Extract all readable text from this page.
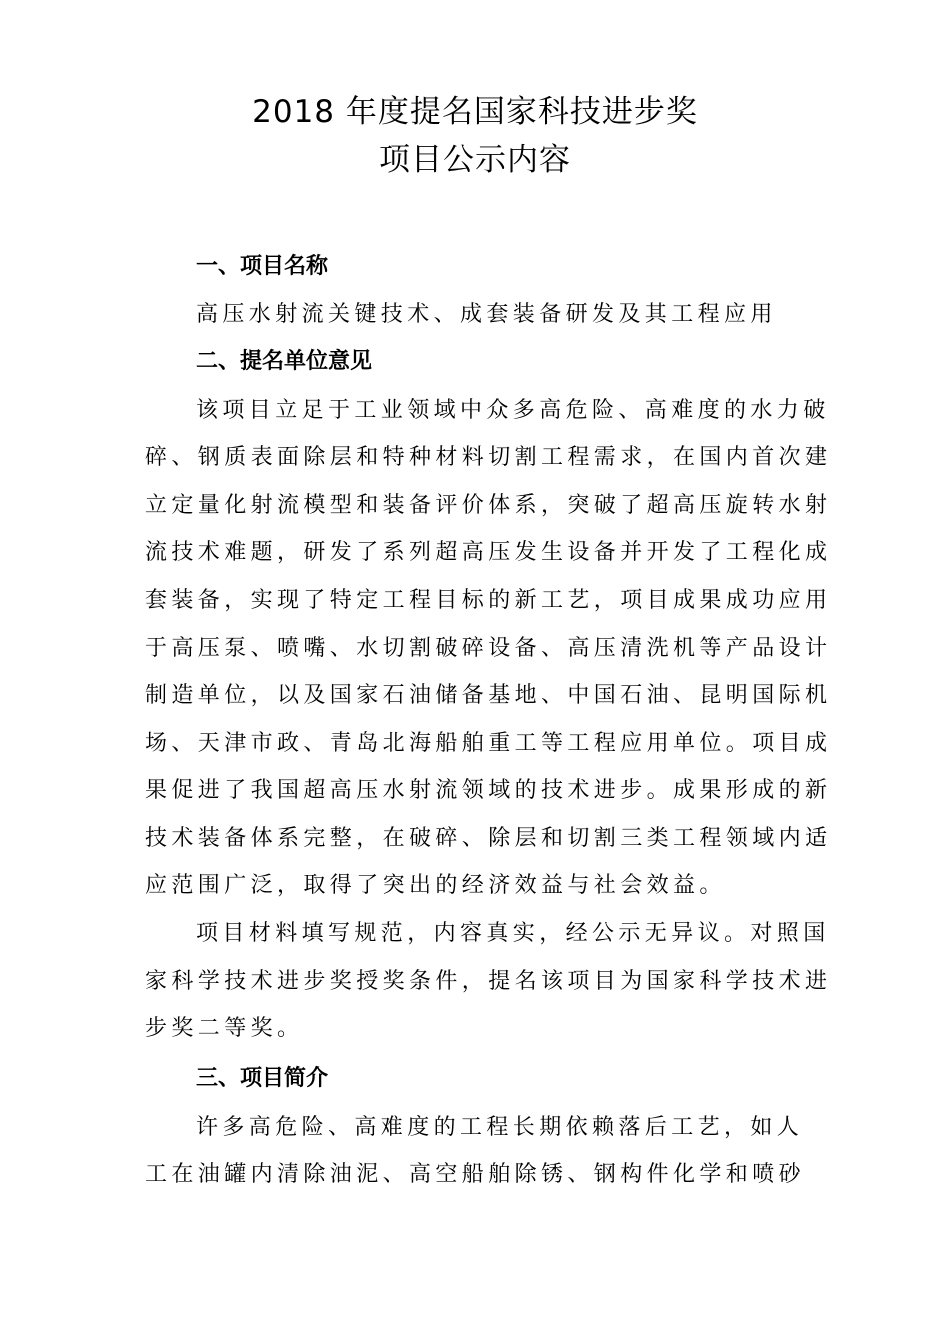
2018 年度提名国家科技进步奖
项目公示内容
一、项目名称
高压水射流关键技术、成套装备研发及其工程应用
二、提名单位意见
该项目立足于工业领域中众多高危险、高难度的水力破
碎、钢质表面除层和特种材料切割工程需求，在国内首次建
立定量化射流模型和装备评价体系，突破了超高压旋转水射
流技术难题，研发了系列超高压发生设备并开发了工程化成
套装备，实现了特定工程目标的新工艺，项目成果成功应用
于高压泵、喷嘴、水切割破碎设备、高压清洗机等产品设计
制造单位，以及国家石油储备基地、中国石油、昆明国际机
场、天津市政、青岛北海船舶重工等工程应用单位。项目成
果促进了我国超高压水射流领域的技术进步。成果形成的新
技术装备体系完整，在破碎、除层和切割三类工程领域内适
应范围广泛，取得了突出的经济效益与社会效益。
项目材料填写规范，内容真实，经公示无异议。对照国
家科学技术进步奖授奖条件，提名该项目为国家科学技术进
步奖二等奖。
三、项目简介
许多高危险、高难度的工程长期依赖落后工艺，如人
工在油罐内清除油泥、高空船舶除锈、钢构件化学和喷砂
